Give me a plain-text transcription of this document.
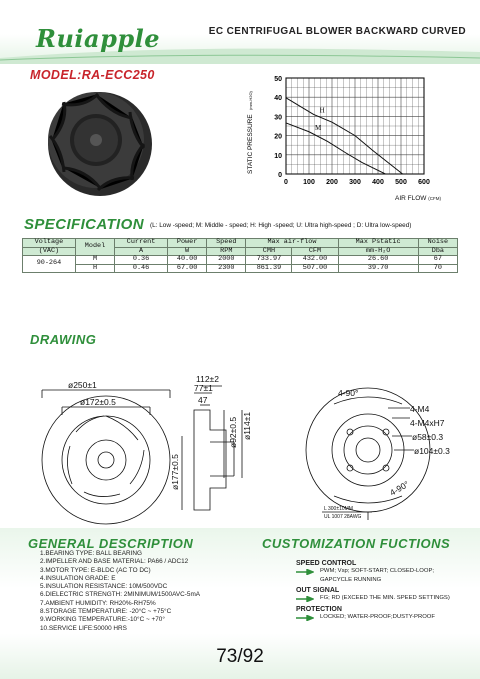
Ruiapple	EC CENTRIFUGAL BLOWER BACKWARD CURVED
MODEL:RA-ECC250
0
10
20
30
40
50
0 100 200 300 400 500 600
STATIC PRESSURE
(mm-H2O)
H
M
AIR FLOW (CFM)
SPECIFICATION (L: Low -speed; M: Middle - speed; H: High -speed; U: Ultra high-speed ; D: Ultra low-speed)
Voltage	Model	Current	Power	Speed	Max air-flow		Max Pstatic	Noise
(VAC)		A	W	RPM	CMH	CFM	mm-H₂O	Dba
90-264	M	0.36	40.00	2000	733.97	432.00	26.60	67
	H	0.46	67.00	2300	861.39	507.00	39.70	70
DRAWING
ø250±1
ø172±0.5
112±2
77±1
47
ø92±0.5 ø114±1
ø177±0.5
4-90°
4-M4
4-M4xH7
ø58±0.3
ø104±0.3
4-90°
L 300±10MM
UL 1007 28AWG
GENERAL DESCRIPTION
1.BEARING TYPE: BALL BEARING
2.IMPELLER AND BASE MATERIAL: PA66 / ADC12
3.MOTOR TYPE: E-BLDC (AC TO DC)
4.INSULATION GRADE: E
5.INSULATION RESISTANCE: 10M/500VDC
6.DIELECTRIC STRENGTH: 2MINIMUM/1500AVC-5mA
7.AMBIENT HUMIDITY: RH20%-RH75%
8.STORAGE TEMPERATURE: -20°C ~ +75°C
9.WORKING TEMPERATURE:-10°C ~ +70°
10.SERVICE LIFE:50000 HRS
CUSTOMIZATION FUCTIONS
SPEED CONTROL
PWM; Vsp; SOFT-START; CLOSED-LOOP;
GAPCYCLE RUNNING
OUT SIGNAL
FG; RD (EXCEED THE MIN. SPEED SETTINGS)
PROTECTION
LOCKED; WATER-PROOF;DUSTY-PROOF
73/92
